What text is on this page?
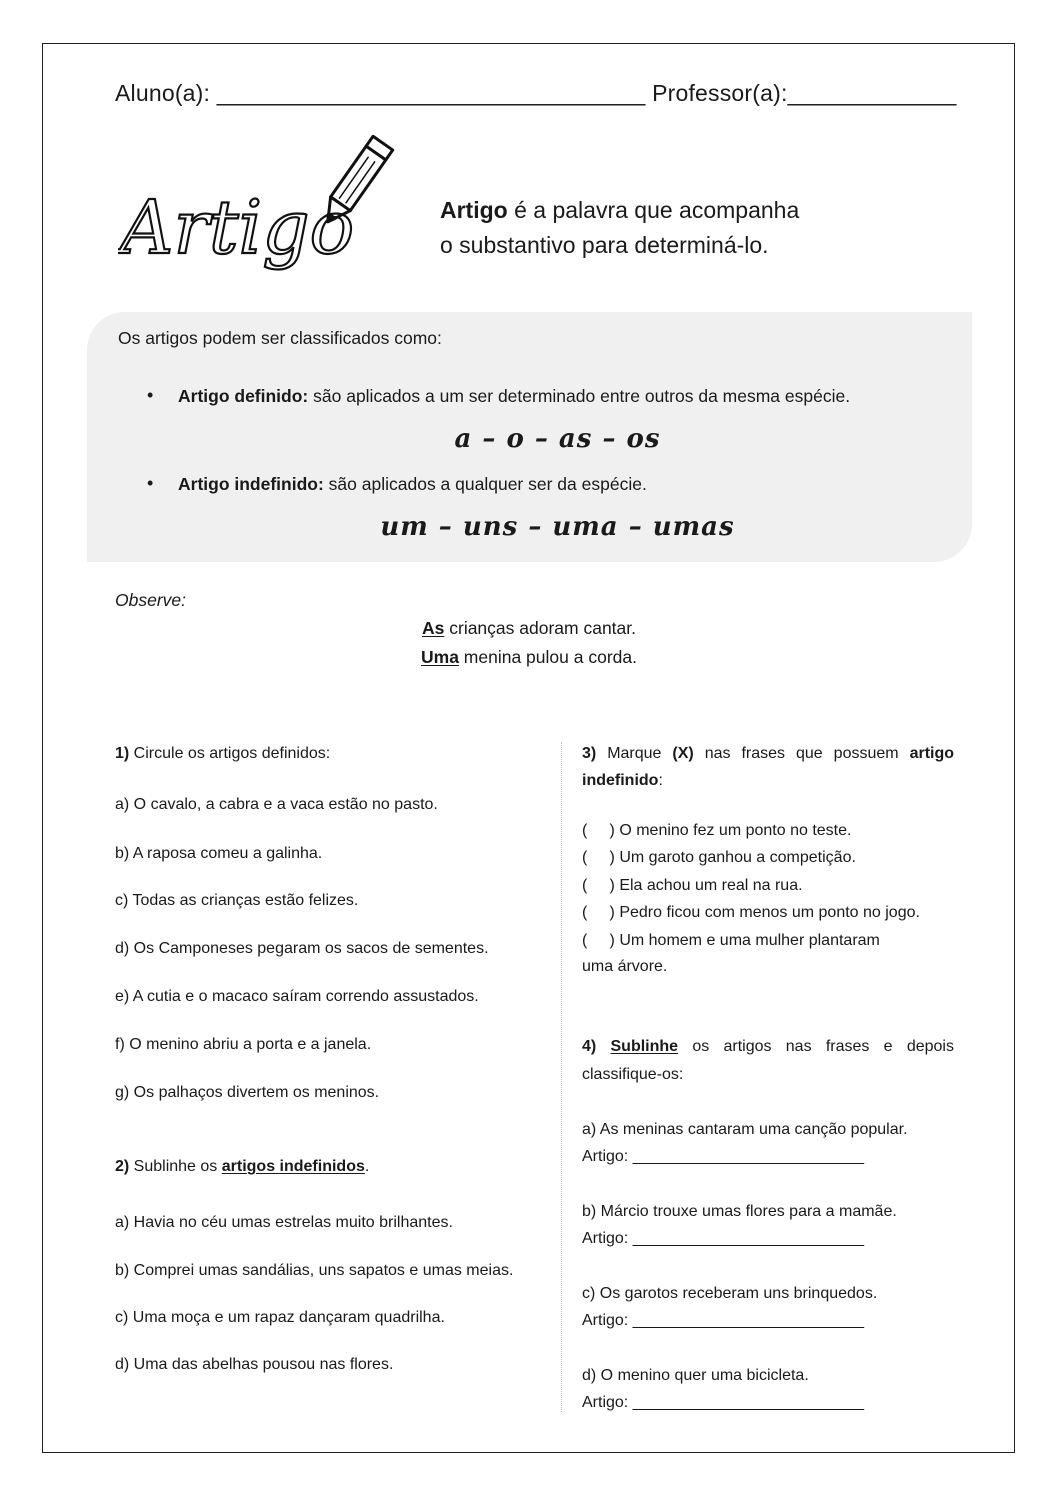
Aluno(a): _________________________________ Professor(a):_____________
Artigo	Artigo é a palavra que acompanha
o substantivo para determiná-lo.
Os artigos podem ser classificados como:
• Artigo definido: são aplicados a um ser determinado entre outros da mesma espécie.
a – o – as – os
• Artigo indefinido: são aplicados a qualquer ser da espécie.
um – uns – uma – umas
Observe:
As crianças adoram cantar.
Uma menina pulou a corda.
1) Circule os artigos definidos:
a) O cavalo, a cabra e a vaca estão no pasto.
b) A raposa comeu a galinha.
c) Todas as crianças estão felizes.
d) Os Camponeses pegaram os sacos de sementes.
e) A cutia e o macaco saíram correndo assustados.
f) O menino abriu a porta e a janela.
g) Os palhaços divertem os meninos.
2) Sublinhe os artigos indefinidos.
a) Havia no céu umas estrelas muito brilhantes.
b) Comprei umas sandálias, uns sapatos e umas meias.
c) Uma moça e um rapaz dançaram quadrilha.
d) Uma das abelhas pousou nas flores.
3) Marque (X) nas frases que possuem artigo
indefinido:
(     ) O menino fez um ponto no teste.
(     ) Um garoto ganhou a competição.
(     ) Ela achou um real na rua.
(     ) Pedro ficou com menos um ponto no jogo.
(     ) Um homem e uma mulher plantaram
uma árvore.
4) Sublinhe os artigos nas frases e depois
classifique-os:
a) As meninas cantaram uma canção popular.
Artigo: __________________________
b) Márcio trouxe umas flores para a mamãe.
Artigo: __________________________
c) Os garotos receberam uns brinquedos.
Artigo: __________________________
d) O menino quer uma bicicleta.
Artigo: __________________________
